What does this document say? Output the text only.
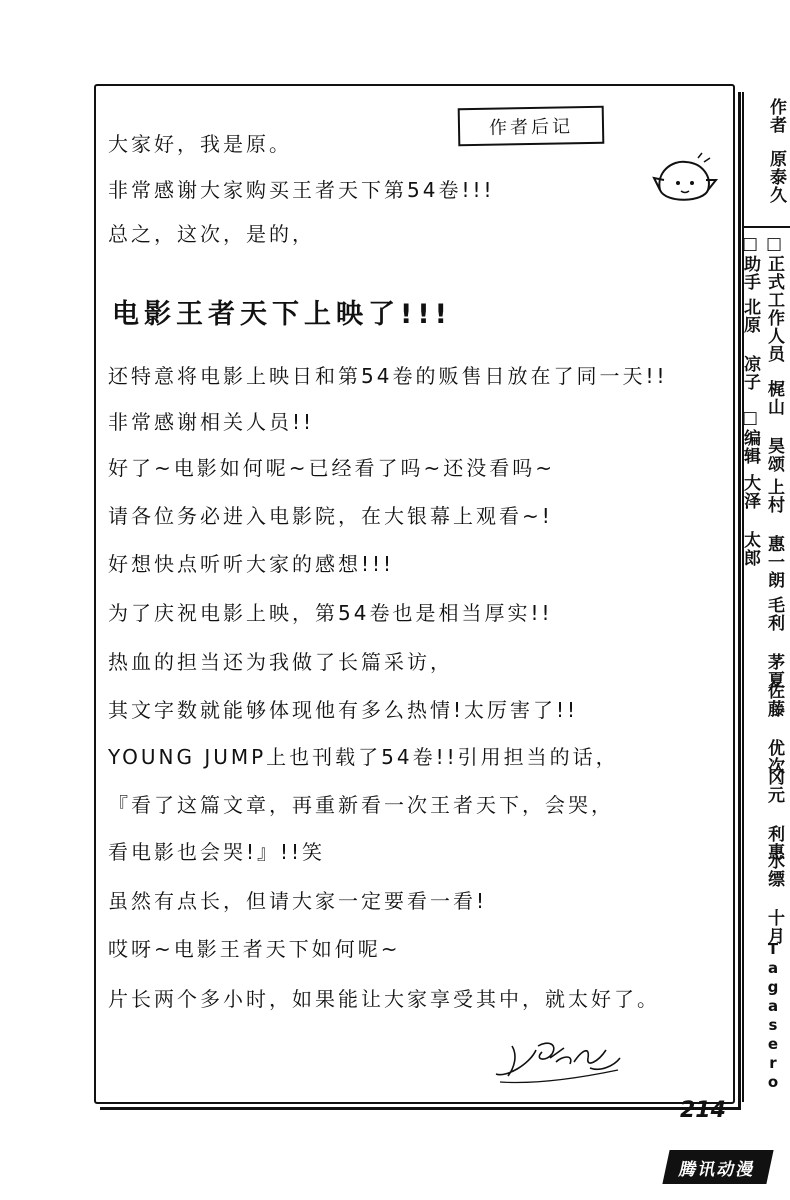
作者后记
大家好，我是原。
非常感谢大家购买王者天下第54卷!!!
总之，这次，是的，
电影王者天下上映了!!!
还特意将电影上映日和第54卷的贩售日放在了同一天!!
非常感谢相关人员!!
好了~电影如何呢~已经看了吗~还没看吗~
请各位务必进入电影院，在大银幕上观看~!
好想快点听听大家的感想!!!
为了庆祝电影上映，第54卷也是相当厚实!!
热血的担当还为我做了长篇采访，
其文字数就能够体现他有多么热情!太厉害了!!
YOUNG JUMP上也刊载了54卷!!引用担当的话，
『看了这篇文章，再重新看一次王者天下，会哭，
看电影也会哭!』!!笑
虽然有点长，但请大家一定要看一看!
哎呀~电影王者天下如何呢~
片长两个多小时，如果能让大家享受其中，就太好了。
214
腾讯动漫
作者
原泰久
□正式工作人员
梶山 昊颂
上村 惠一朗
毛利 茅夏
佐藤 优次
冈元 利惠
水缥 十月
Tagasero
□助手
北原 凉子
□编辑
大泽 太郎
